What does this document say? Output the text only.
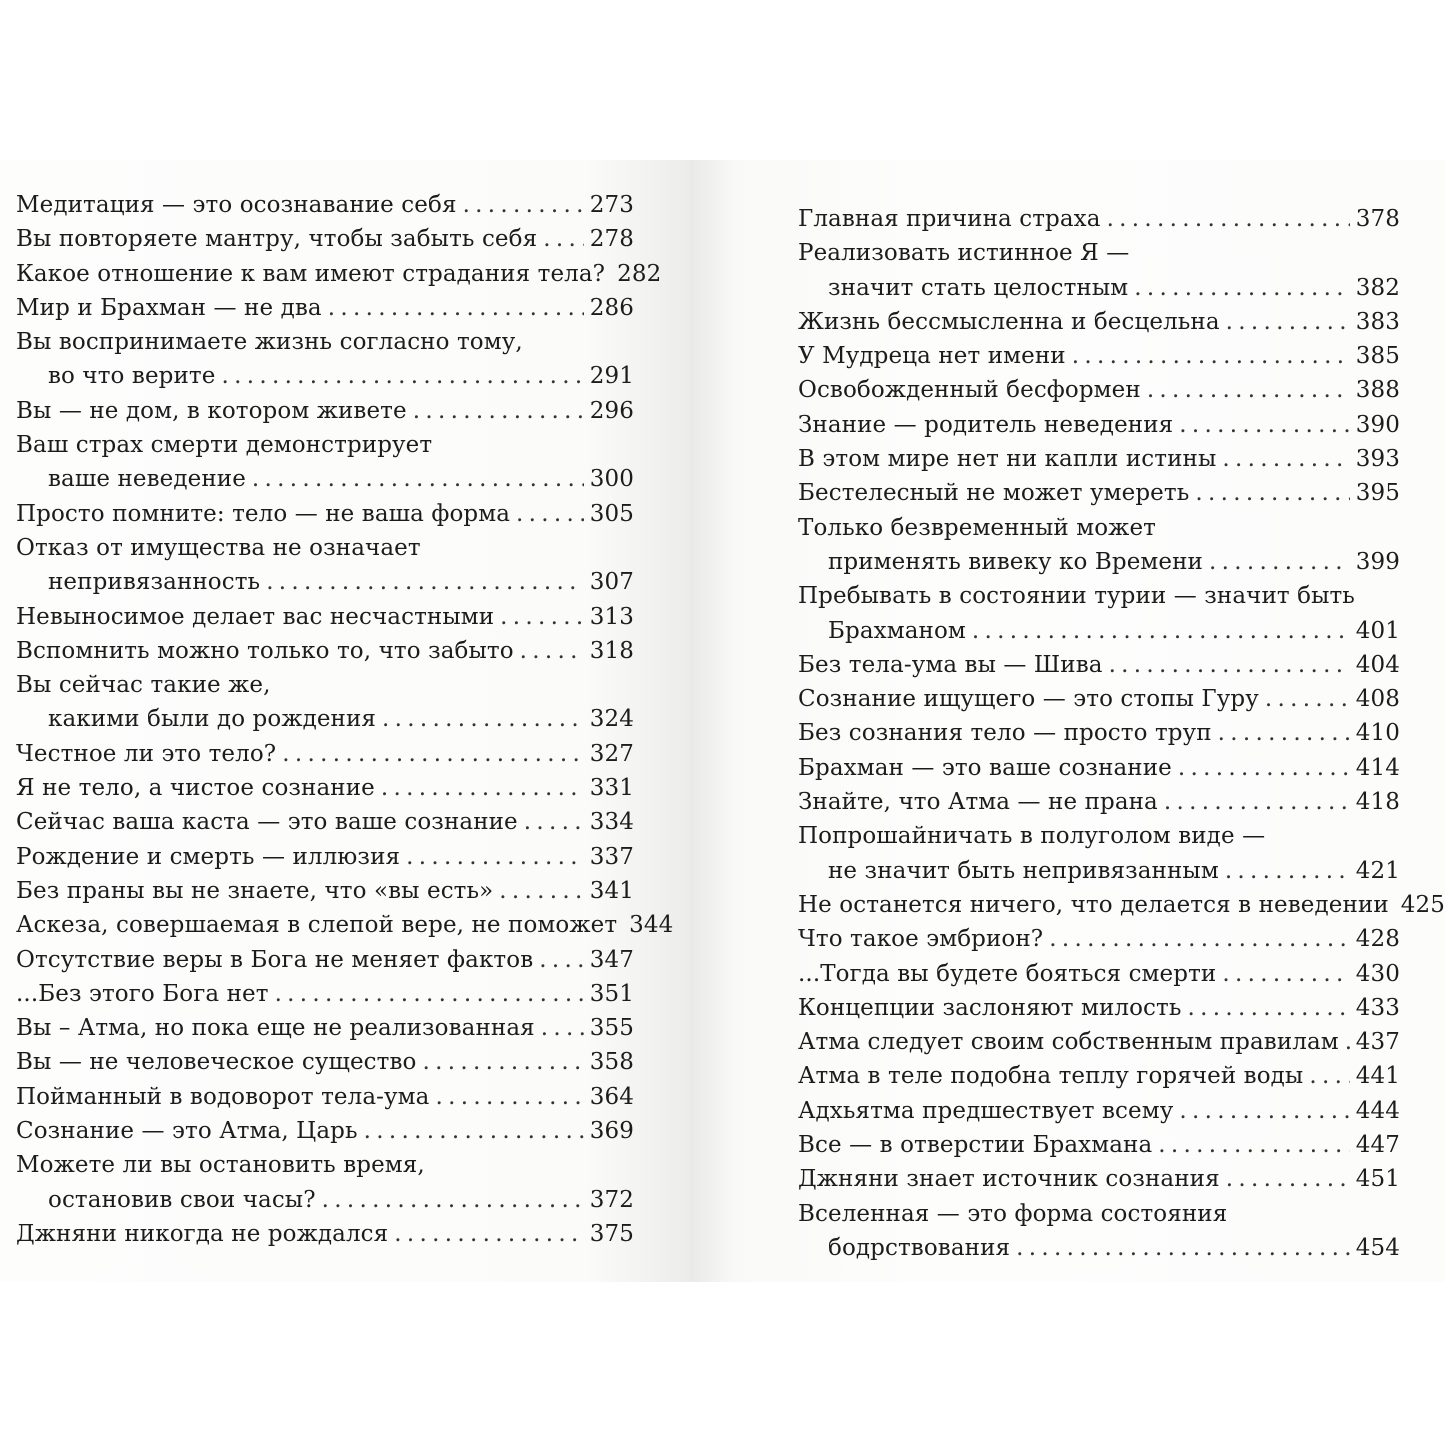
Медитация — это осознавание себя . . .	273
Вы повторяете мантру, чтобы забыть себя . . . 278
Какое отношение к вам имеют страдания тела? 282
Мир и Брахман — не два . . .	286
Вы воспринимаете жизнь согласно тому,
во что верите . . .	291
Вы — не дом, в котором живете . . .	296
Ваш страх смерти демонстрирует
ваше неведение . . .	300
Просто помните: тело — не ваша форма . . .	305
Отказ от имущества не означает
непривязанность . . .	307
Невыносимое делает вас несчастными . . .	313
Вспомнить можно только то, что забыто . . .	318
Вы сейчас такие же,
какими были до рождения . . .	324
Честное ли это тело? . . .	327
Я не тело, а чистое сознание . . .	331
Сейчас ваша каста — это ваше сознание . . .	334
Рождение и смерть — иллюзия . . .	337
Без праны вы не знаете, что «вы есть» . . .	341
Аскеза, совершаемая в слепой вере, не поможет 344
Отсутствие веры в Бога не меняет фактов . . . 347
...Без этого Бога нет . . .	351
Вы – Атма, но пока еще не реализованная . . . 355
Вы — не человеческое существо . . .	358
Пойманный в водоворот тела-ума . . .	364
Сознание — это Атма, Царь . . .	369
Можете ли вы остановить время,
остановив свои часы? . . .	372
Джняни никогда не рождался . . .	375
Главная причина страха . . .	378
Реализовать истинное Я —
значит стать целостным . . .	382
Жизнь бессмысленна и бесцельна . . .	383
У Мудреца нет имени . . .	385
Освобожденный бесформен . . .	388
Знание — родитель неведения . . .	390
В этом мире нет ни капли истины . . .	393
Бестелесный не может умереть . . .	395
Только безвременный может
применять вивеку ко Времени . . .	399
Пребывать в состоянии турии — значит быть
Брахманом . . .	401
Без тела-ума вы — Шива . . .	404
Сознание ищущего — это стопы Гуру . . .	408
Без сознания тело — просто труп . . .	410
Брахман — это ваше сознание . . .	414
Знайте, что Атма — не прана . . .	418
Попрошайничать в полуголом виде —
не значит быть непривязанным . . .	421
Не останется ничего, что делается в неведении 425
Что такое эмбрион? . . .	428
...Тогда вы будете бояться смерти . . .	430
Концепции заслоняют милость . . .	433
Атма следует своим собственным правилам . . . 437
Атма в теле подобна теплу горячей воды . . . 441
Адхьятма предшествует всему . . .	444
Все — в отверстии Брахмана . . .	447
Джняни знает источник сознания . . .	451
Вселенная — это форма состояния
бодрствования . . .	454
